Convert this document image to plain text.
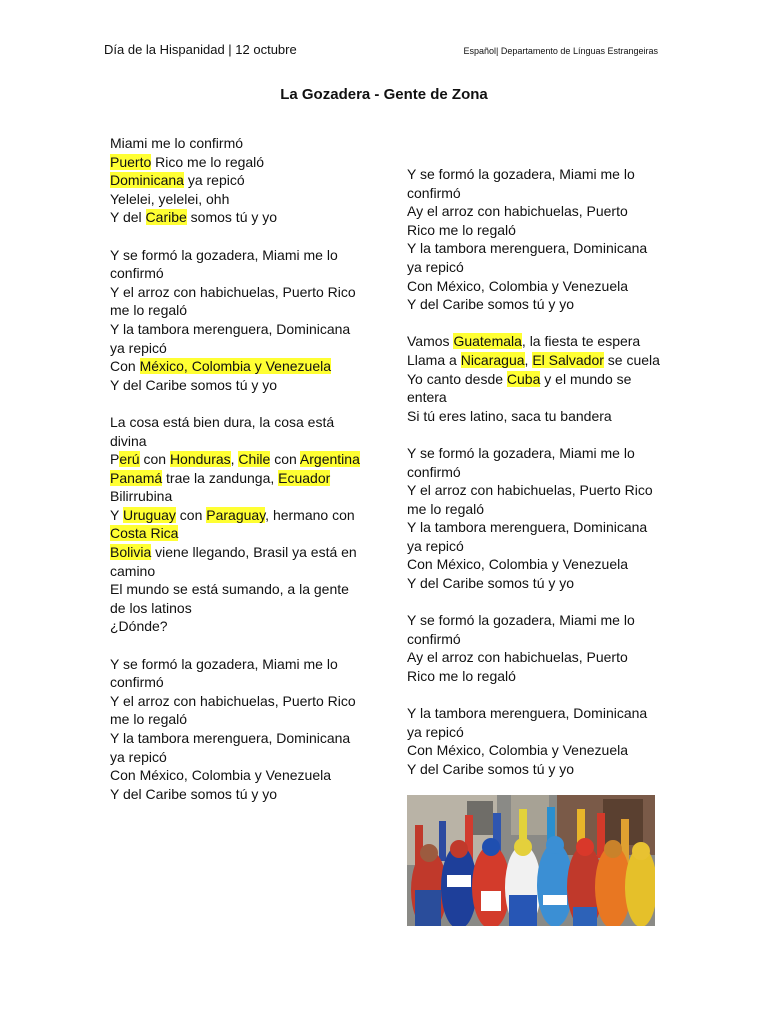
Día de la Hispanidad | 12 octubre	Español| Departamento de Línguas Estrangeiras
La Gozadera - Gente de Zona
Miami me lo confirmó
Puerto Rico me lo regaló
Dominicana ya repicó
Yelelei, yelelei, ohh
Y del Caribe somos tú y yo
Y se formó la gozadera, Miami me lo
confirmó
Y el arroz con habichuelas, Puerto Rico
me lo regaló
Y la tambora merenguera, Dominicana
ya repicó
Con México, Colombia y Venezuela
Y del Caribe somos tú y yo
La cosa está bien dura, la cosa está
divina
Perú con Honduras, Chile con Argentina
Panamá trae la zandunga, Ecuador
Bilirrubina
Y Uruguay con Paraguay, hermano con
Costa Rica
Bolivia viene llegando, Brasil ya está en
camino
El mundo se está sumando, a la gente
de los latinos
¿Dónde?
Y se formó la gozadera, Miami me lo
confirmó
Y el arroz con habichuelas, Puerto Rico
me lo regaló
Y la tambora merenguera, Dominicana
ya repicó
Con México, Colombia y Venezuela
Y del Caribe somos tú y yo
Y se formó la gozadera, Miami me lo
confirmó
Ay el arroz con habichuelas, Puerto
Rico me lo regaló
Y la tambora merenguera, Dominicana
ya repicó
Con México, Colombia y Venezuela
Y del Caribe somos tú y yo
Vamos Guatemala, la fiesta te espera
Llama a Nicaragua, El Salvador se cuela
Yo canto desde Cuba y el mundo se
entera
Si tú eres latino, saca tu bandera
Y se formó la gozadera, Miami me lo
confirmó
Y el arroz con habichuelas, Puerto Rico
me lo regaló
Y la tambora merenguera, Dominicana
ya repicó
Con México, Colombia y Venezuela
Y del Caribe somos tú y yo
Y se formó la gozadera, Miami me lo
confirmó
Ay el arroz con habichuelas, Puerto
Rico me lo regaló
Y la tambora merenguera, Dominicana
ya repicó
Con México, Colombia y Venezuela
Y del Caribe somos tú y yo
